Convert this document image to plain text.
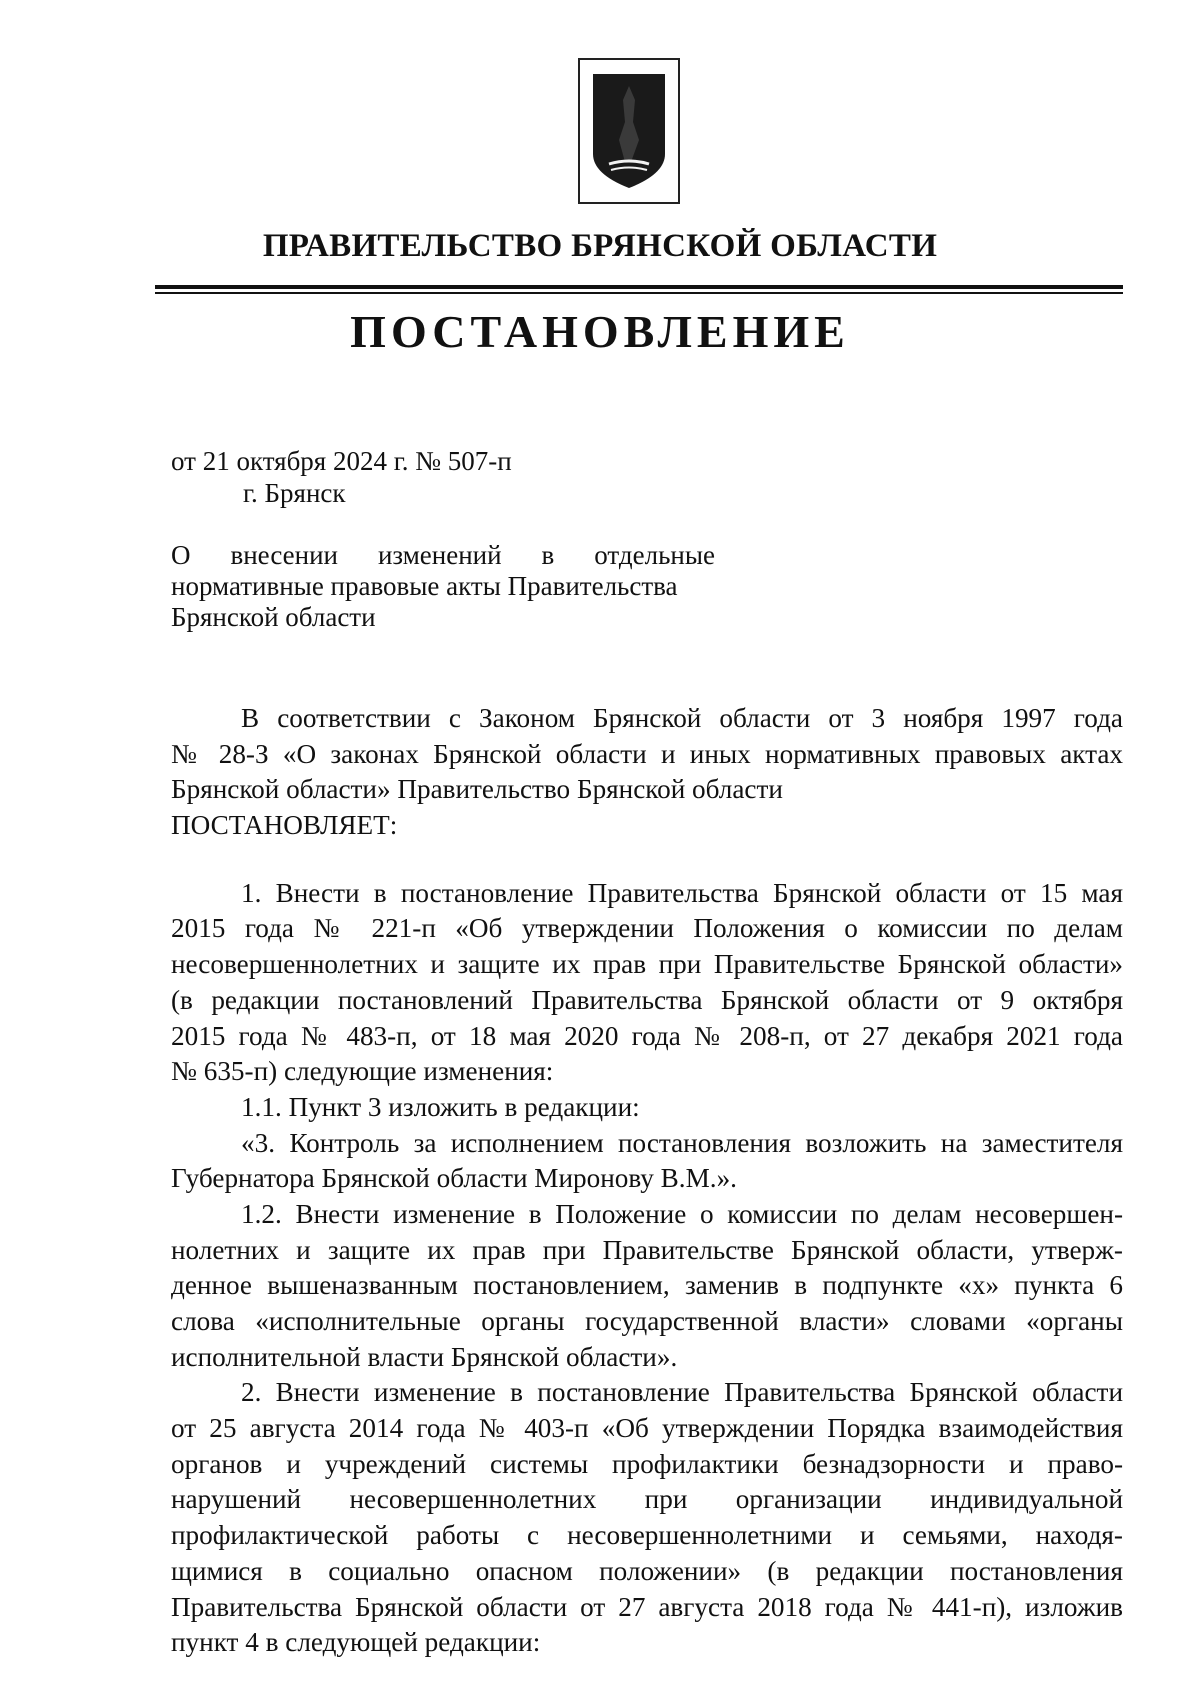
ПРАВИТЕЛЬСТВО БРЯНСКОЙ ОБЛАСТИ
ПОСТАНОВЛЕНИЕ
от 21 октября 2024 г. № 507-п
г. Брянск
О внесении изменений в отдельные
нормативные правовые акты Правительства
Брянской области
В соответствии с Законом Брянской области от 3 ноября 1997 года
№ 28-З «О законах Брянской области и иных нормативных правовых актах
Брянской области» Правительство Брянской области
ПОСТАНОВЛЯЕТ:
1. Внести в постановление Правительства Брянской области от 15 мая
2015 года № 221-п «Об утверждении Положения о комиссии по делам
несовершеннолетних и защите их прав при Правительстве Брянской области»
(в редакции постановлений Правительства Брянской области от 9 октября
2015 года № 483-п, от 18 мая 2020 года № 208-п, от 27 декабря 2021 года
№ 635-п) следующие изменения:
1.1. Пункт 3 изложить в редакции:
«3. Контроль за исполнением постановления возложить на заместителя
Губернатора Брянской области Миронову В.М.».
1.2. Внести изменение в Положение о комиссии по делам несовершен-
нолетних и защите их прав при Правительстве Брянской области, утверж-
денное вышеназванным постановлением, заменив в подпункте «х» пункта 6
слова «исполнительные органы государственной власти» словами «органы
исполнительной власти Брянской области».
2. Внести изменение в постановление Правительства Брянской области
от 25 августа 2014 года № 403-п «Об утверждении Порядка взаимодействия
органов и учреждений системы профилактики безнадзорности и право-
нарушений несовершеннолетних при организации индивидуальной
профилактической работы с несовершеннолетними и семьями, находя-
щимися в социально опасном положении» (в редакции постановления
Правительства Брянской области от 27 августа 2018 года № 441-п), изложив
пункт 4 в следующей редакции:
